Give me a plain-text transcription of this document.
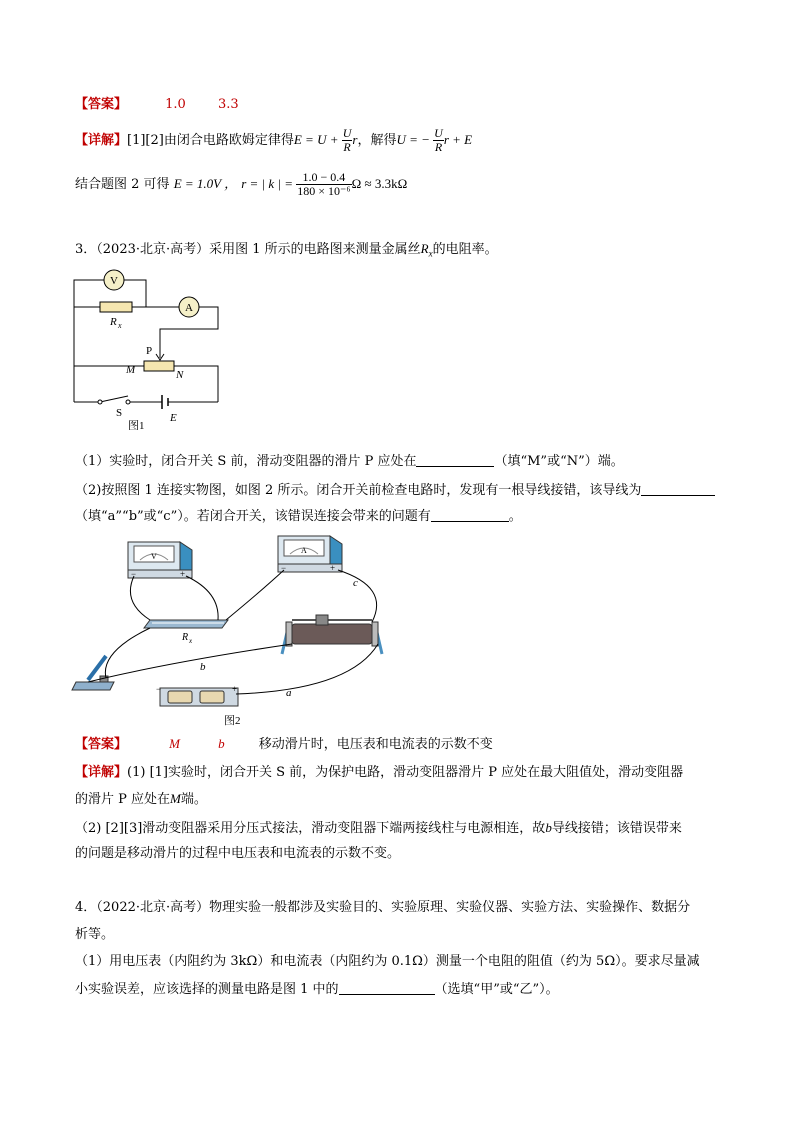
【答案】	1.0 3.3
【详解】[1][2]由闭合电路欧姆定律得$E = U + \frac{U}{R}$ r，解得U = − $\frac{U}{R}$ r + E
结合题图 2 可得 E = 1.0V ， r = | k | = $\frac{1.0 - 0.4}{\text{180 × 10⁻⁶}}$ Ω ≈ 3.3kΩ
3．（2023·北京·高考）采用图 1 所示的电路图来测量金属丝$R_x$的电阻率。
V
A
R x
P
M	N
S	E
图1
（1）实验时，闭合开关 S 前，滑动变阻器的滑片 P 应处在	（填“M”或“N”）端。
（2)按照图 1 连接实物图，如图 2 所示。闭合开关前检查电路时，发现有一根导线接错，该导线为
（填“a”“b”或“c”）。若闭合开关，该错误连接会带来的问题有	。
V
−	+
A
−	+
R x
−	+
c
b
a
图2
【答案】	M	b	移动滑片时，电压表和电流表的示数不变
【详解】(1) [1]实验时，闭合开关 S 前，为保护电路，滑动变阻器滑片 P 应处在最大阻值处，滑动变阻器
的滑片 P 应处在M端。
（2) [2][3]滑动变阻器采用分压式接法，滑动变阻器下端两接线柱与电源相连，故b导线接错；该错误带来
的问题是移动滑片的过程中电压表和电流表的示数不变。
4．（2022·北京·高考）物理实验一般都涉及实验目的、实验原理、实验仪器、实验方法、实验操作、数据分
析等。
（1）用电压表（内阻约为 3kΩ）和电流表（内阻约为 0.1Ω）测量一个电阻的阻值（约为 5Ω）。要求尽量减
小实验误差，应该选择的测量电路是图 1 中的	（选填“甲”或“乙”）。
